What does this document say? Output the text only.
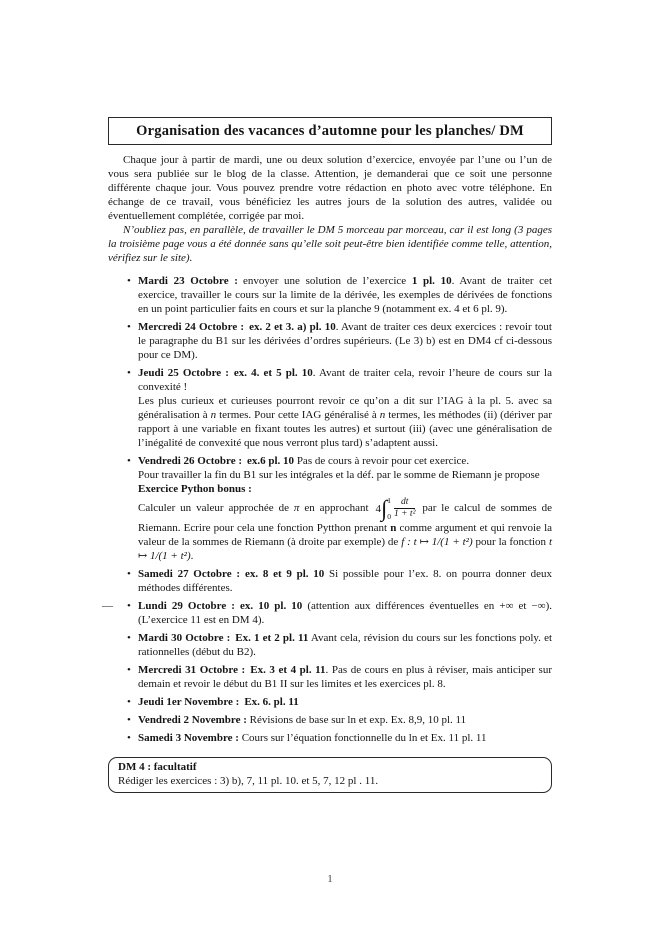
Organisation des vacances d’automne pour les planches/ DM

Chaque jour à partir de mardi, une ou deux solution d’exercice, envoyée par l’une ou l’un de vous sera publiée sur le blog de la classe. Attention, je demanderai que ce soit une personne différente chaque jour. Vous pouvez prendre votre rédaction en photo avec votre téléphone. En échange de ce travail, vous bénéficiez les autres jours de la solution des autres, validée ou éventuellement complétée, corrigée par moi.

N’oubliez pas, en parallèle, de travailler le DM 5 morceau par morceau, car il est long (3 pages la troisième page vous a été donnée sans qu’elle soit peut-être bien identifiée comme telle, attention, vérifiez sur le site).

• Mardi 23 Octobre : envoyer une solution de l’exercice 1 pl. 10. Avant de traiter cet exercice, travailler le cours sur la limite de la dérivée, les exemples de dérivées de fonctions en un point particulier faits en cours et sur la planche 9 (notamment ex. 4 et 6 pl. 9).
• Mercredi 24 Octobre : ex. 2 et 3. a) pl. 10. Avant de traiter ces deux exercices : revoir tout le paragraphe du B1 sur les dérivées d’ordres supérieurs. (Le 3) b) est en DM4 cf ci-dessous pour ce DM).
• Jeudi 25 Octobre : ex. 4. et 5 pl. 10. Avant de traiter cela, revoir l’heure de cours sur la convexité !
Les plus curieux et curieuses pourront revoir ce qu’on a dit sur l’IAG à la pl. 5. avec sa généralisation à n termes. Pour cette IAG généralisé à n termes, les méthodes (ii) (dériver par rapport à une variable en fixant toutes les autres) et surtout (iii) (avec une généralisation de l’inégalité de convexité que nous verront plus tard) s’adaptent aussi.
• Vendredi 26 Octobre : ex.6 pl. 10 Pas de cours à revoir pour cet exercice.
Pour travailler la fin du B1 sur les intégrales et la déf. par le somme de Riemann je propose
Exercice Python bonus :
Calculer un valeur approchée de π en approchant 4 ∫ 1
$0 \frac{dt}{\text{1 + t²}}$ par le calcul de sommes de Riemann. Ecrire pour cela une fonction Pytthon prenant n comme argument et qui renvoie la valeur de la sommes de Riemann (à droite par exemple) de f : t ↦ 1/(1 + t²) pour la fonction t ↦ 1/(1 + t²).
• Samedi 27 Octobre : ex. 8 et 9 pl. 10 Si possible pour l’ex. 8. on pourra donner deux méthodes différentes.
— • Lundi 29 Octobre : ex. 10 pl. 10 (attention aux différences éventuelles en +∞ et −∞). (L’exercice 11 est en DM 4).
• Mardi 30 Octobre : Ex. 1 et 2 pl. 11 Avant cela, révision du cours sur les fonctions poly. et rationnelles (début du B2).
• Mercredi 31 Octobre : Ex. 3 et 4 pl. 11. Pas de cours en plus à réviser, mais anticiper sur demain et revoir le début du B1 II sur les limites et les exercices pl. 8.
• Jeudi 1er Novembre : Ex. 6. pl. 11
• Vendredi 2 Novembre : Révisions de base sur ln et exp. Ex. 8,9, 10 pl. 11
• Samedi 3 Novembre : Cours sur l’équation fonctionnelle du ln et Ex. 11 pl. 11
DM 4 : facultatif
Rédiger les exercices : 3) b), 7, 11 pl. 10. et 5, 7, 12 pl . 11.
1
